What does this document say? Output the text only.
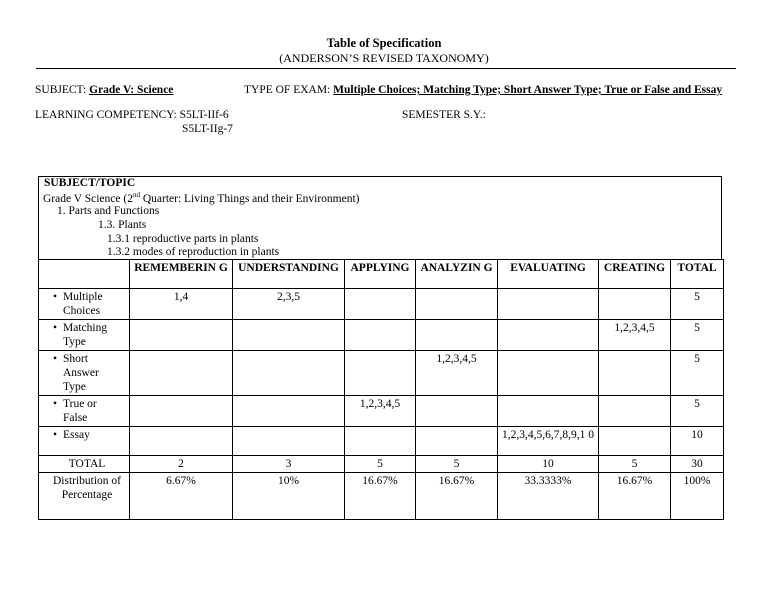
Table of Specification
(ANDERSON’S REVISED TAXONOMY)
SUBJECT: Grade V: Science	TYPE OF EXAM: Multiple Choices; Matching Type; Short Answer Type; True or False and Essay
LEARNING COMPETENCY: S5LT-IIf-6
S5LT-IIg-7
SEMESTER S.Y.:
SUBJECT/TOPIC
Grade V Science (2nd Quarter: Living Things and their Environment)
1. Parts and Functions
1.3. Plants
1.3.1 reproductive parts in plants
1.3.2 modes of reproduction in plants
	REMEMBERIN G	UNDERSTANDING	APPLYING	ANALYZIN G	EVALUATING	CREATING	TOTAL
• Multiple Choices	1,4	2,3,5					5
• Matching Type						1,2,3,4,5	5
• Short Answer Type				1,2,3,4,5			5
• True or False			1,2,3,4,5				5
• Essay					1,2,3,4,5,6,7,8,9,1 0		10
TOTAL	2	3	5	5	10	5	30
Distribution of Percentage	6.67%	10%	16.67%	16.67%	33.3333%	16.67%	100%
